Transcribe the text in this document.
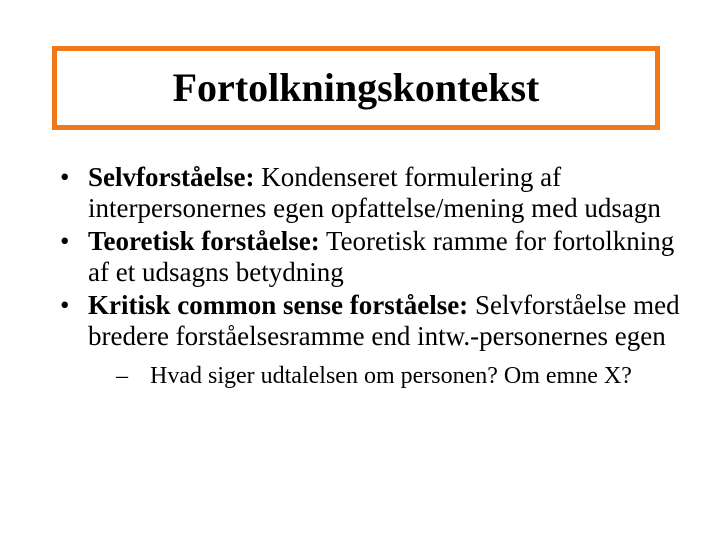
Fortolkningskontekst
• Selvforståelse: Kondenseret formulering af interpersonernes egen opfattelse/mening med udsagn
• Teoretisk forståelse: Teoretisk ramme for fortolkning af et udsagns betydning
• Kritisk common sense forståelse: Selvforståelse med bredere forståelsesramme end intw.-personernes egen
– Hvad siger udtalelsen om personen? Om emne X?
